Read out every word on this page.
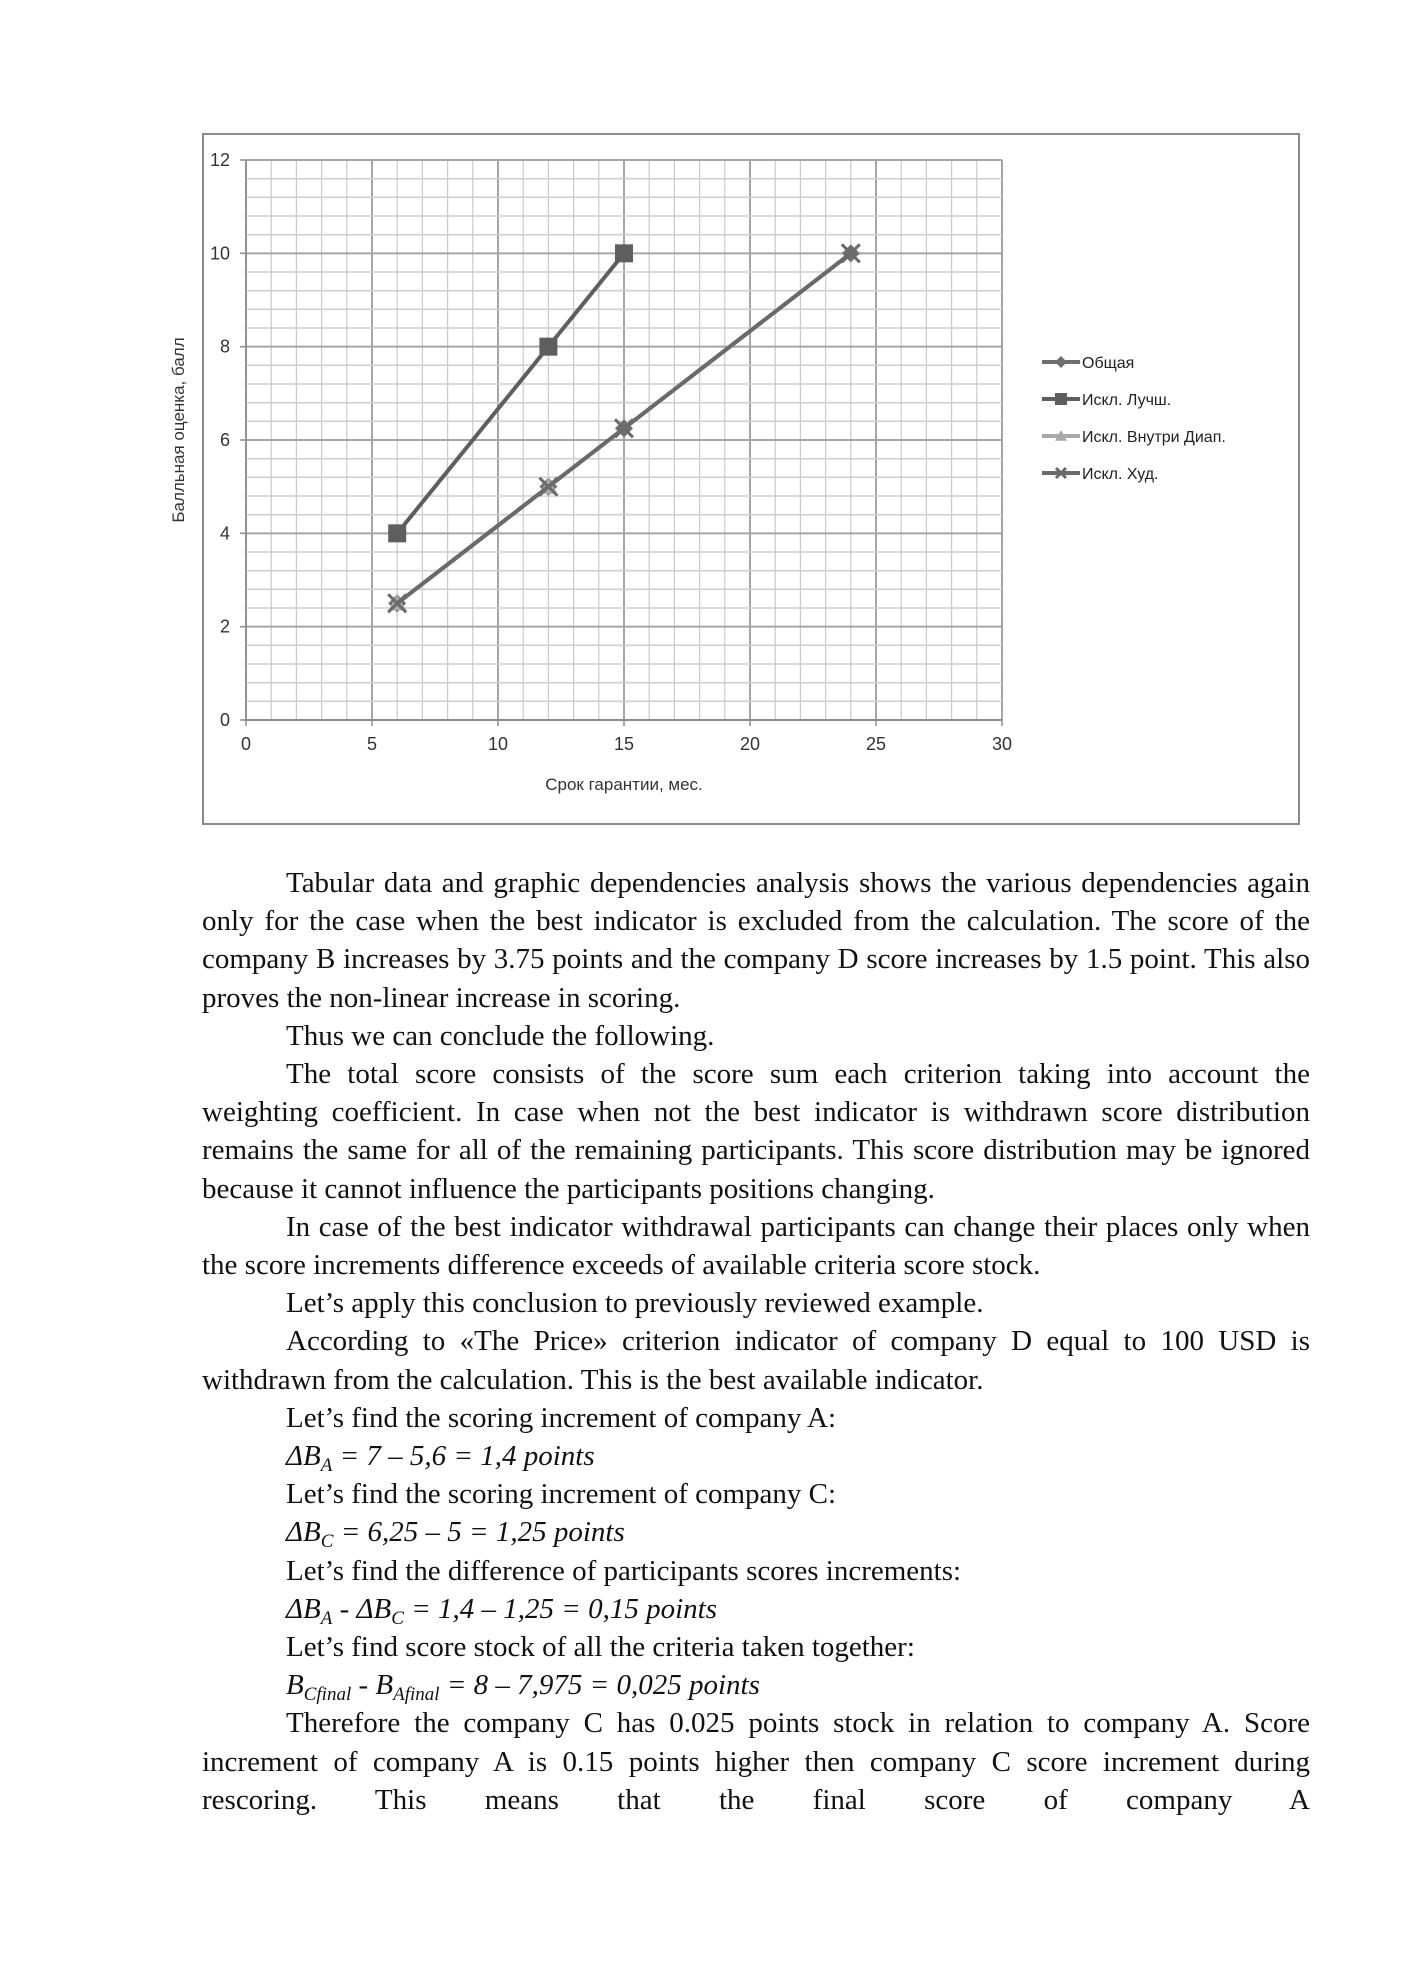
0	5	10	15	20	25	30
0
2
4
6
8
10
12
Срок гарантии, мес.
Балльная оценка, балл	Общая
Искл. Лучш.
Искл. Внутри Диап.
Искл. Худ.

Tabular data and graphic dependencies analysis shows the various dependencies again only for the case when the best indicator is excluded from the calculation. The score of the company B increases by 3.75 points and the company D score increases by 1.5 point. This also proves the non-linear increase in scoring.

Thus we can conclude the following.

The total score consists of the score sum each criterion taking into account the weighting coefficient. In case when not the best indicator is withdrawn score distribution remains the same for all of the remaining participants. This score distribution may be ignored because it cannot influence the participants positions changing.

In case of the best indicator withdrawal participants can change their places only when the score increments difference exceeds of available criteria score stock.

Let’s apply this conclusion to previously reviewed example.

According to «The Price» criterion indicator of company D equal to 100 USD is withdrawn from the calculation. This is the best available indicator.

Let’s find the scoring increment of company A:

$\Delta B_A = 7 - 5,6 = 1,4$ points

Let’s find the scoring increment of company C:

$\Delta B_C = 6,25 - 5 = 1,25$ points

Let’s find the difference of participants scores increments:

$\Delta B_A - \Delta B_C = 1,4 - 1,25 = 0,15$ points

Let’s find score stock of all the criteria taken together:

$B_{Cfinal} - B_{Afinal} = 8 - 7,975 = 0,025$ points

Therefore the company C has 0.025 points stock in relation to company A. Score increment of company A is 0.15 points higher then company C score increment during rescoring. This means that the final score of company A
